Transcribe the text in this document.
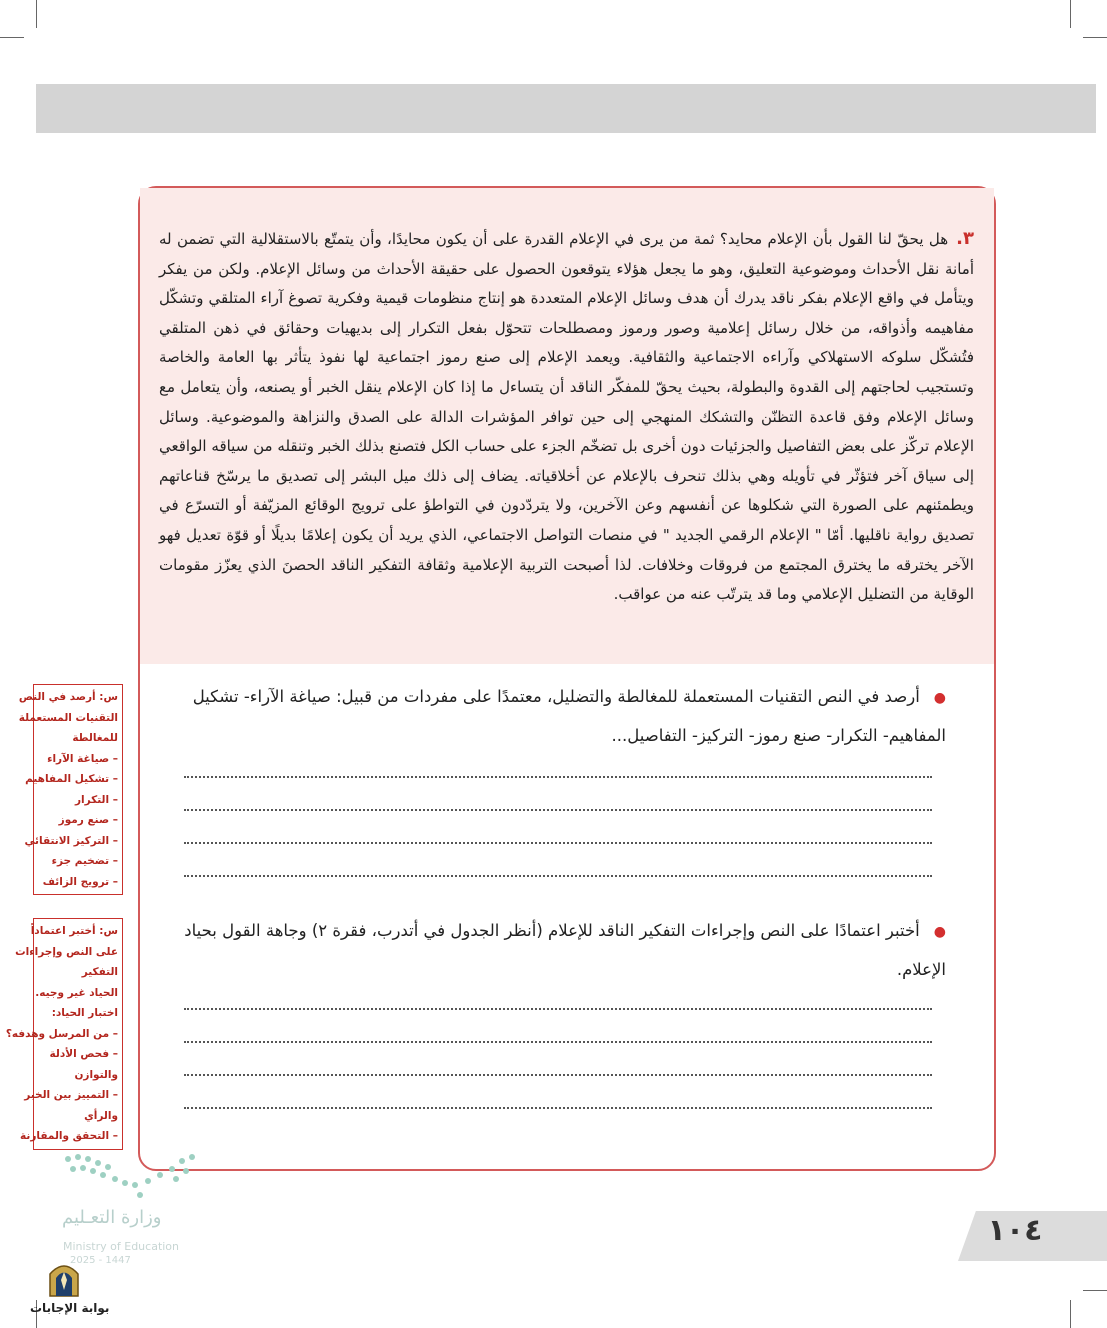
٣.هل يحقّ لنا القول بأن الإعلام محايد؟ ثمة من يرى في الإعلام القدرة على أن يكون محايدًا، وأن يتمتّع بالاستقلالية التي تضمن له أمانة نقل الأحداث وموضوعية التعليق، وهو ما يجعل هؤلاء يتوقعون الحصول على حقيقة الأحداث من وسائل الإعلام. ولكن من يفكر ويتأمل في واقع الإعلام بفكر ناقد يدرك أن هدف وسائل الإعلام المتعددة هو إنتاج منظومات قيمية وفكرية تصوغ آراء المتلقي وتشكّل مفاهيمه وأذواقه، من خلال رسائل إعلامية وصور ورموز ومصطلحات تتحوّل بفعل التكرار إلى بديهيات وحقائق في ذهن المتلقي فتُشكّل سلوكه الاستهلاكي وآراءه الاجتماعية والثقافية. ويعمد الإعلام إلى صنع رموز اجتماعية لها نفوذ يتأثر بها العامة والخاصة وتستجيب لحاجتهم إلى القدوة والبطولة، بحيث يحقّ للمفكّر الناقد أن يتساءل ما إذا كان الإعلام ينقل الخبر أو يصنعه، وأن يتعامل مع وسائل الإعلام وفق قاعدة التظنّن والتشكك المنهجي إلى حين توافر المؤشرات الدالة على الصدق والنزاهة والموضوعية. وسائل الإعلام تركّز على بعض التفاصيل والجزئيات دون أخرى بل تضخّم الجزء على حساب الكل فتصنع بذلك الخبر وتنقله من سياقه الواقعي إلى سياق آخر فتؤثّر في تأويله وهي بذلك تنحرف بالإعلام عن أخلاقياته. يضاف إلى ذلك ميل البشر إلى تصديق ما يرسّخ قناعاتهم ويطمئنهم على الصورة التي شكلوها عن أنفسهم وعن الآخرين، ولا يتردّدون في التواطؤ على ترويج الوقائع المزيّفة أو التسرّع في تصديق رواية ناقليها. أمّا " الإعلام الرقمي الجديد " في منصات التواصل الاجتماعي، الذي يريد أن يكون إعلامًا بديلًا أو قوّة تعديل فهو الآخر يخترقه ما يخترق المجتمع من فروقات وخلافات. لذا أصبحت التربية الإعلامية وثقافة التفكير الناقد الحصنَ الذي يعزّز مقومات الوقاية من التضليل الإعلامي وما قد يترتّب عنه من عواقب.

●أرصد في النص التقنيات المستعملة للمغالطة والتضليل، معتمدًا على مفردات من قبيل: صياغة الآراء- تشكيل المفاهيم- التكرار- صنع رموز- التركيز- التفاصيل...

●أختبر اعتمادًا على النص وإجراءات التفكير الناقد للإعلام (أنظر الجدول في أتدرب، فقرة ٢) وجاهة القول بحياد الإعلام.

س: أرصد في النص
التقنيات المستعملة
للمغالطة
– صياغة الآراء
– تشكيل المفاهيم
– التكرار
– صنع رموز
– التركيز الانتقائي
– تضخيم جزء
– ترويج الزائف
س: أختبر اعتماداً
على النص وإجراءات
التفكير
الحياد غير وجيه.
اختبار الحياد:
– من المرسل وهدفه؟
– فحص الأدلة
والتوازن
– التمييز بين الخبر
والرأي
– التحقق والمقارنة
١٠٤
وزارة التعـليم
Ministry of Education
2025 - 1447
بوابة الإجابات
